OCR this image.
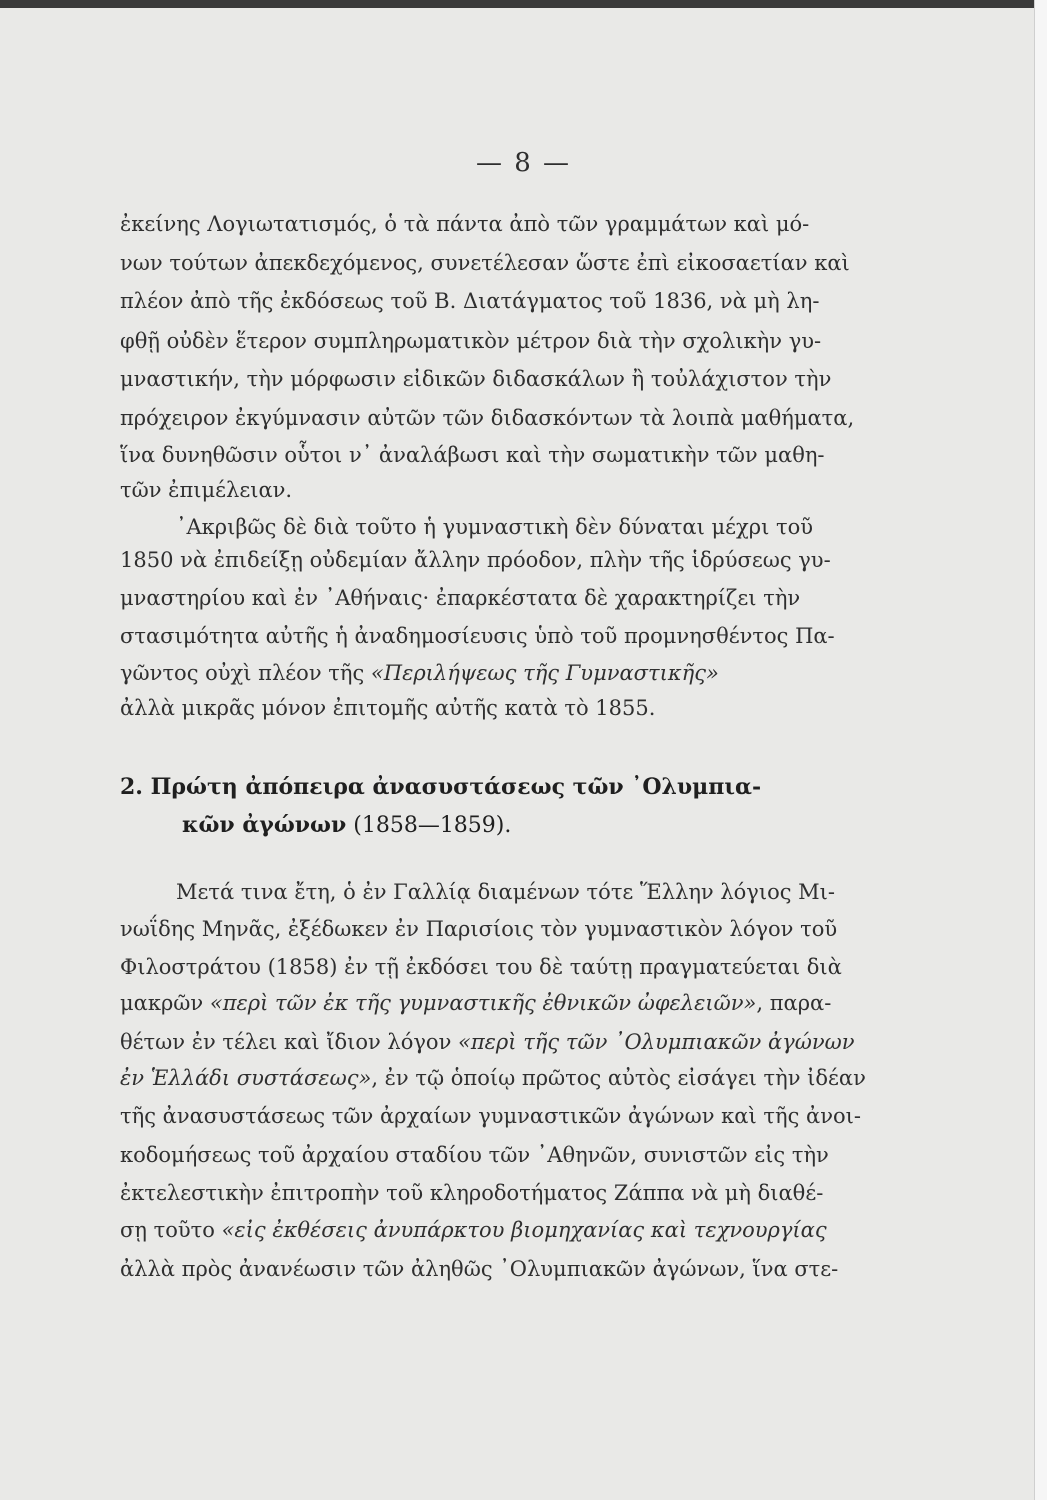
— 8 —
ἐκείνης Λογιωτατισμός, ὁ τὰ πάντα ἀπὸ τῶν γραμμάτων καὶ μό-
νων τούτων ἀπεκδεχόμενος, συνετέλεσαν ὥστε ἐπὶ εἰκοσαετίαν καὶ
πλέον ἀπὸ τῆς ἐκδόσεως τοῦ Β. Διατάγματος τοῦ 1836, νὰ μὴ λη-
φθῇ οὐδὲν ἕτερον συμπληρωματικὸν μέτρον διὰ τὴν σχολικὴν γυ-
μναστικήν, τὴν μόρφωσιν εἰδικῶν διδασκάλων ἢ τοὐλάχιστον τὴν
πρόχειρον ἐκγύμνασιν αὐτῶν τῶν διδασκόντων τὰ λοιπὰ μαθήματα,
ἵνα δυνηθῶσιν οὗτοι ν᾿ ἀναλάβωσι καὶ τὴν σωματικὴν τῶν μαθη-
τῶν ἐπιμέλειαν.
᾿Ακριβῶς δὲ διὰ τοῦτο ἡ γυμναστικὴ δὲν δύναται μέχρι τοῦ
1850 νὰ ἐπιδείξῃ οὐδεμίαν ἄλλην πρόοδον, πλὴν τῆς ἱδρύσεως γυ-
μναστηρίου καὶ ἐν ᾿Αθήναις· ἐπαρκέστατα δὲ χαρακτηρίζει τὴν
στασιμότητα αὐτῆς ἡ ἀναδημοσίευσις ὑπὸ τοῦ προμνησθέντος Πα-
γῶντος οὐχὶ πλέον τῆς «Περιλήψεως τῆς Γυμναστικῆς»
ἀλλὰ μικρᾶς μόνον ἐπιτομῆς αὐτῆς κατὰ τὸ 1855.
2. Πρώτη ἀπόπειρα ἀνασυστάσεως τῶν ᾿Ολυμπια-
κῶν ἀγώνων (1858—1859).
Μετά τινα ἔτη, ὁ ἐν Γαλλίᾳ διαμένων τότε Ἕλλην λόγιος Μι-
νωΐδης Μηνᾶς, ἐξέδωκεν ἐν Παρισίοις τὸν γυμναστικὸν λόγον τοῦ
Φιλοστράτου (1858) ἐν τῇ ἐκδόσει του δὲ ταύτῃ πραγματεύεται διὰ
μακρῶν «περὶ τῶν ἐκ τῆς γυμναστικῆς ἐθνικῶν ὠφελειῶν», παρα-
θέτων ἐν τέλει καὶ ἴδιον λόγον «περὶ τῆς τῶν ᾿Ολυμπιακῶν ἀγώνων
ἐν Ἑλλάδι συστάσεως», ἐν τῷ ὁποίῳ πρῶτος αὐτὸς εἰσάγει τὴν ἰδέαν
τῆς ἀνασυστάσεως τῶν ἀρχαίων γυμναστικῶν ἀγώνων καὶ τῆς ἀνοι-
κοδομήσεως τοῦ ἀρχαίου σταδίου τῶν ᾿Αθηνῶν, συνιστῶν εἰς τὴν
ἐκτελεστικὴν ἐπιτροπὴν τοῦ κληροδοτήματος Ζάππα νὰ μὴ διαθέ-
σῃ τοῦτο «εἰς ἐκθέσεις ἀνυπάρκτου βιομηχανίας καὶ τεχνουργίας
ἀλλὰ πρὸς ἀνανέωσιν τῶν ἀληθῶς ᾿Ολυμπιακῶν ἀγώνων, ἵνα στε-
